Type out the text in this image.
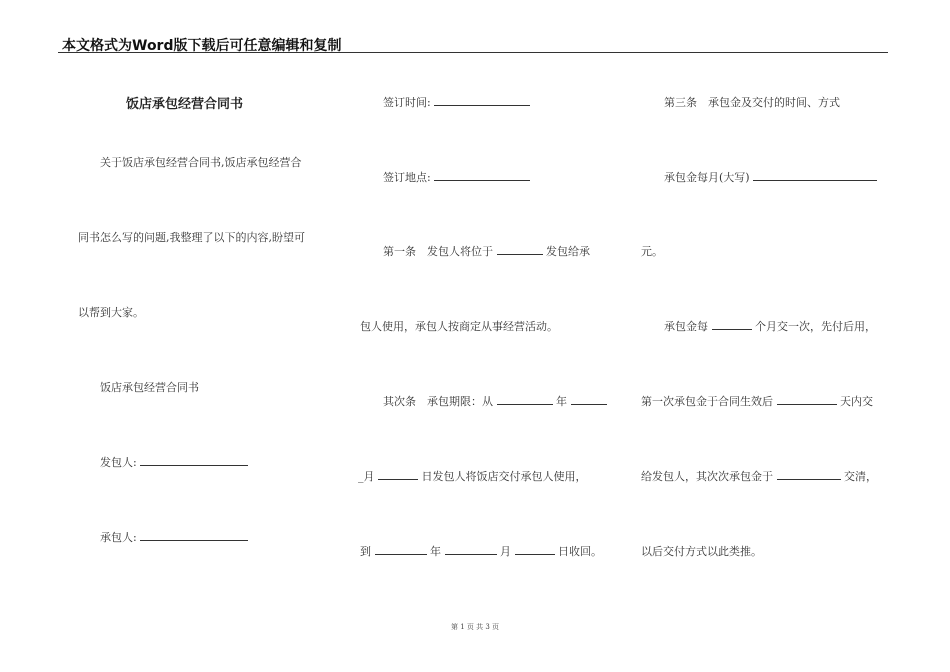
本文格式为Word版下载后可任意编辑和复制
饭店承包经营合同书
关于饭店承包经营合同书,饭店承包经营合
同书怎么写的问题,我整理了以下的内容,盼望可
以帮到大家。
饭店承包经营合同书
发包人:
承包人:
签订时间:
签订地点:
第一条　发包人将位于	发包给承
包人使用，承包人按商定从事经营活动。
其次条　承包期限：从	年
_月	日发包人将饭店交付承包人使用，
到	年	月	日收回。
第三条　承包金及交付的时间、方式
承包金每月(大写)
元。
承包金每	个月交一次，先付后用，
第一次承包金于合同生效后	天内交
给发包人，其次次承包金于	交清，
以后交付方式以此类推。
第 1 页 共 3 页
